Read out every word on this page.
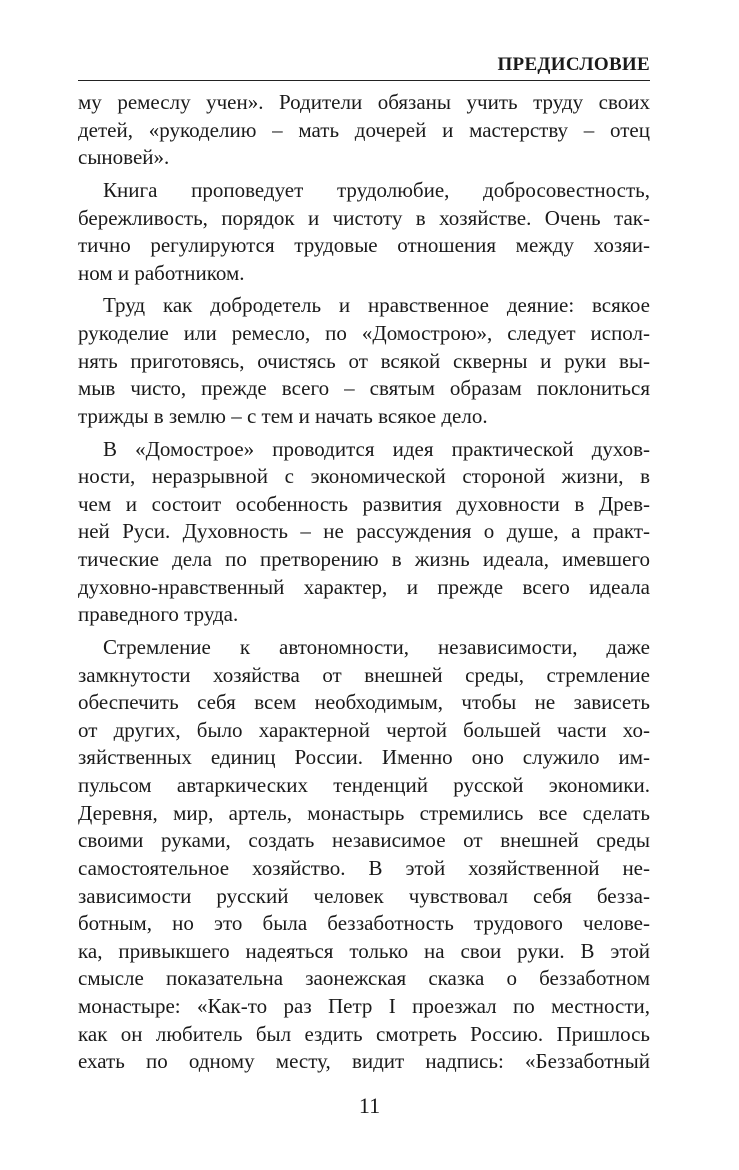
ПРЕДИСЛОВИЕ
му ремеслу учен». Родители обязаны учить труду своих
детей, «рукоделию – мать дочерей и мастерству – отец
сыновей».
Книга проповедует трудолюбие, добросовестность,
бережливость, порядок и чистоту в хозяйстве. Очень так-
тично регулируются трудовые отношения между хозяи-
ном и работником.
Труд как добродетель и нравственное деяние: всякое
рукоделие или ремесло, по «Домострою», следует испол-
нять приготовясь, очистясь от всякой скверны и руки вы-
мыв чисто, прежде всего – святым образам поклониться
трижды в землю – с тем и начать всякое дело.
В «Домострое» проводится идея практической духов-
ности, неразрывной с экономической стороной жизни, в
чем и состоит особенность развития духовности в Древ-
ней Руси. Духовность – не рассуждения о душе, а практ-
тические дела по претворению в жизнь идеала, имевшего
духовно-нравственный характер, и прежде всего идеала
праведного труда.
Стремление к автономности, независимости, даже
замкнутости хозяйства от внешней среды, стремление
обеспечить себя всем необходимым, чтобы не зависеть
от других, было характерной чертой большей части хо-
зяйственных единиц России. Именно оно служило им-
пульсом автаркических тенденций русской экономики.
Деревня, мир, артель, монастырь стремились все сделать
своими руками, создать независимое от внешней среды
самостоятельное хозяйство. В этой хозяйственной не-
зависимости русский человек чувствовал себя безза-
ботным, но это была беззаботность трудового челове-
ка, привыкшего надеяться только на свои руки. В этой
смысле показательна заонежская сказка о беззаботном
монастыре: «Как-то раз Петр I проезжал по местности,
как он любитель был ездить смотреть Россию. Пришлось
ехать по одному месту, видит надпись: «Беззаботный
11
